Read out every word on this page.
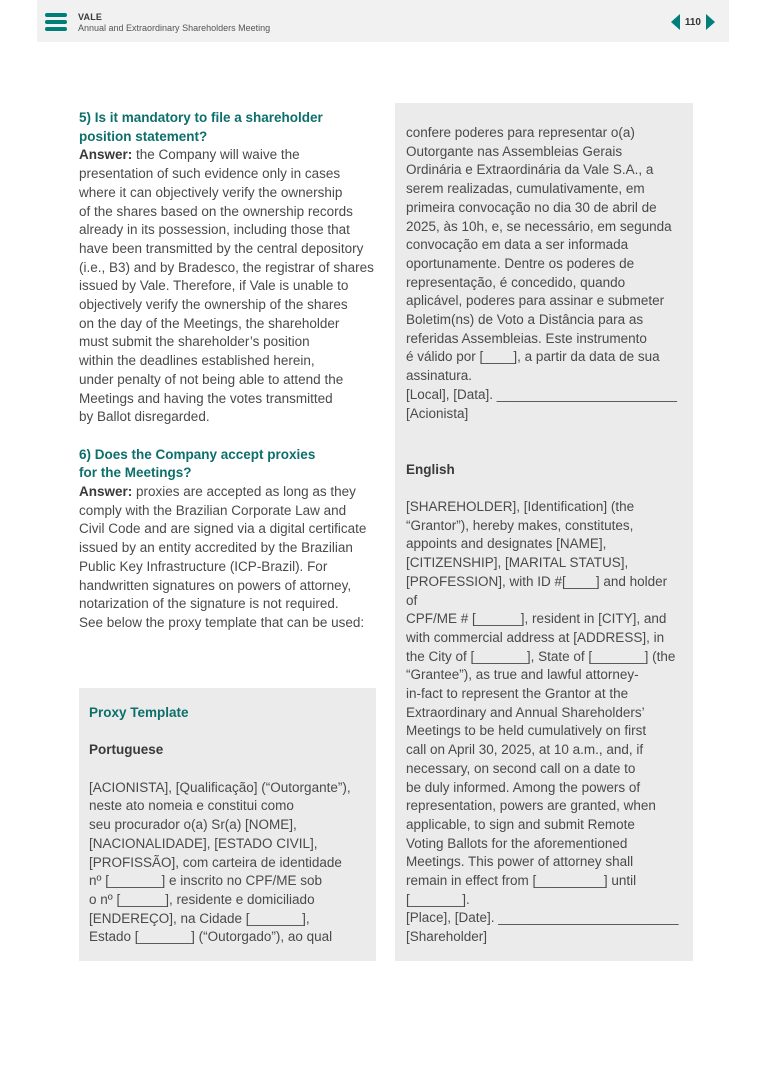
VALE
Annual and Extraordinary Shareholders Meeting
110
5) Is it mandatory to file a shareholder
position statement?
Answer: the Company will waive the
presentation of such evidence only in cases
where it can objectively verify the ownership
of the shares based on the ownership records
already in its possession, including those that
have been transmitted by the central depository
(i.e., B3) and by Bradesco, the registrar of shares
issued by Vale. Therefore, if Vale is unable to
objectively verify the ownership of the shares
on the day of the Meetings, the shareholder
must submit the shareholder’s position
within the deadlines established herein,
under penalty of not being able to attend the
Meetings and having the votes transmitted
by Ballot disregarded.
6) Does the Company accept proxies
for the Meetings?
Answer: proxies are accepted as long as they
comply with the Brazilian Corporate Law and
Civil Code and are signed via a digital certificate
issued by an entity accredited by the Brazilian
Public Key Infrastructure (ICP-Brazil). For
handwritten signatures on powers of attorney,
notarization of the signature is not required.
See below the proxy template that can be used:
Proxy Template
Portuguese
[ACIONISTA], [Qualificação] (“Outorgante”),
neste ato nomeia e constitui como
seu procurador o(a) Sr(a) [NOME],
[NACIONALIDADE], [ESTADO CIVIL],
[PROFISSÃO], com carteira de identidade
nº [_______] e inscrito no CPF/ME sob
o nº [______], residente e domiciliado
[ENDEREÇO], na Cidade [_______],
Estado [_______] (“Outorgado”), ao qual
confere poderes para representar o(a)
Outorgante nas Assembleias Gerais
Ordinária e Extraordinária da Vale S.A., a
serem realizadas, cumulativamente, em
primeira convocação no dia 30 de abril de
2025, às 10h, e, se necessário, em segunda
convocação em data a ser informada
oportunamente. Dentre os poderes de
representação, é concedido, quando
aplicável, poderes para assinar e submeter
Boletim(ns) de Voto a Distância para as
referidas Assembleias. Este instrumento
é válido por [____], a partir da data de sua
assinatura.
[Local], [Data]. ________________________
[Acionista]
English
[SHAREHOLDER], [Identification] (the
“Grantor”), hereby makes, constitutes,
appoints and designates [NAME],
[CITIZENSHIP], [MARITAL STATUS],
[PROFESSION], with ID #[____] and holder of
CPF/ME # [______], resident in [CITY], and
with commercial address at [ADDRESS], in
the City of [_______], State of [_______] (the
“Grantee”), as true and lawful attorney-
in-fact to represent the Grantor at the
Extraordinary and Annual Shareholders’
Meetings to be held cumulatively on first
call on April 30, 2025, at 10 a.m., and, if
necessary, on second call on a date to
be duly informed. Among the powers of
representation, powers are granted, when
applicable, to sign and submit Remote
Voting Ballots for the aforementioned
Meetings. This power of attorney shall
remain in effect from [_________] until
[_______].
[Place], [Date]. ________________________
[Shareholder]
